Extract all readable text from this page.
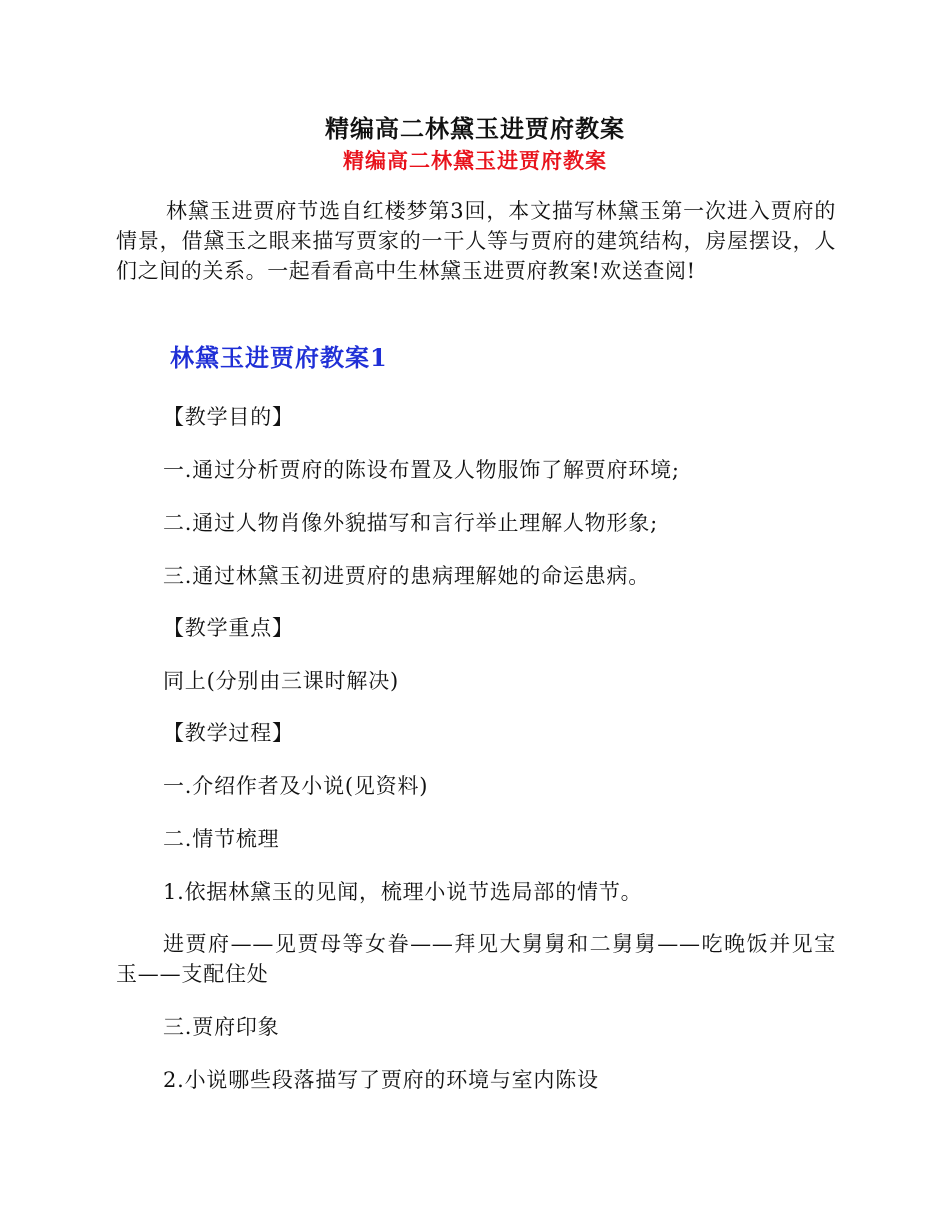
精编高二林黛玉进贾府教案
精编高二林黛玉进贾府教案
林黛玉进贾府节选自红楼梦第3回，本文描写林黛玉第一次进入贾府的情景，借黛玉之眼来描写贾家的一干人等与贾府的建筑结构，房屋摆设，人们之间的关系。一起看看高中生林黛玉进贾府教案!欢送查阅!
林黛玉进贾府教案1
【教学目的】
一.通过分析贾府的陈设布置及人物服饰了解贾府环境;
二.通过人物肖像外貌描写和言行举止理解人物形象;
三.通过林黛玉初进贾府的患病理解她的命运患病。
【教学重点】
同上(分别由三课时解决)
【教学过程】
一.介绍作者及小说(见资料)
二.情节梳理
1.依据林黛玉的见闻，梳理小说节选局部的情节。
进贾府——见贾母等女眷——拜见大舅舅和二舅舅——吃晚饭并见宝玉——支配住处
三.贾府印象
2.小说哪些段落描写了贾府的环境与室内陈设
